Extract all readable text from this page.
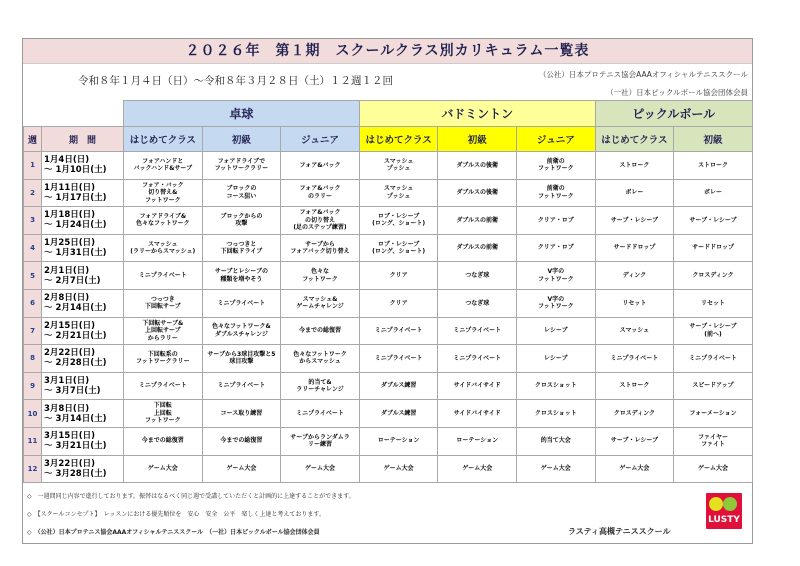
２０２６年　第１期　スクールクラス別カリキュラム一覧表
令和８年１月４日（日）～令和８年３月２８日（土）１２週１２回
（公社）日本プロテニス協会AAAオフィシャルテニススクール
（一社）日本ピックルボール協会団体会員
		卓球			バドミントン			ピックルボール	
週	期　間	はじめてクラス	初級	ジュニア	はじめてクラス	初級	ジュニア	はじめてクラス	初級
1	1月4日(日)
～ 1月10日(土)	フォアハンドと
バックハンド&サーブ	フォアドライブで
フットワークラリー	フォア&バック	スマッシュ
プッシュ	ダブルスの後衛	前衛の
フットワーク	ストローク	ストローク
2	1月11日(日)
～ 1月17日(土)	フォア・バック
切り替え&
フットワーク	ブロックの
コース狙い	フォア&バック
のラリー	スマッシュ
プッシュ	ダブルスの後衛	前衛の
フットワーク	ボレー	ボレー
3	1月18日(日)
～ 1月24日(土)	フォアドライブ&
色々なフットワーク	ブロックからの
攻撃	フォア&バック
の切り替え
(足のステップ練習)	ロブ・レシーブ
(ロング、ショート)	ダブルスの前衛	クリア・ロブ	サーブ・レシーブ	サーブ・レシーブ
4	1月25日(日)
～ 1月31日(土)	スマッシュ
(ラリーからスマッシュ)	つっつきと
下回転ドライブ	サーブから
フォアバック切り替え	ロブ・レシーブ
(ロング、ショート)	ダブルスの前衛	クリア・ロブ	サードドロップ	サードドロップ
5	2月1日(日)
～ 2月7日(土)	ミニプライベート	サーブとレシーブの
種類を増やそう	色々な
フットワーク	クリア	つなぎ球	V字の
フットワーク	ディンク	クロスディンク
6	2月8日(日)
～ 2月14日(土)	つっつき
下回転サーブ	ミニプライベート	スマッシュ&
ゲームチャレンジ	クリア	つなぎ球	V字の
フットワーク	リセット	リセット
7	2月15日(日)
～ 2月21日(土)	下回転サーブ&
上回転サーブ
からラリー	色々なフットワーク&
ダブルスチャレンジ	今までの総復習	ミニプライベート	ミニプライベート	レシーブ	スマッシュ	サーブ・レシーブ
(前へ)
8	2月22日(日)
～ 2月28日(土)	下回転系の
フットワークラリー	サーブから3球目攻撃と5
球目攻撃	色々なフットワーク
からスマッシュ	ミニプライベート	ミニプライベート	レシーブ	ミニプライベート	ミニプライベート
9	3月1日(日)
～ 3月7日(土)	ミニプライベート	ミニプライベート	的当て&
ラリーチャレンジ	ダブルス練習	サイドバイサイド	クロスショット	ストローク	スピードアップ
10	3月8日(日)
～ 3月14日(土)	下回転
上回転
フットワーク	コース取り練習	ミニプライベート	ダブルス練習	サイドバイサイド	クロスショット	クロスディンク	フォーメーション
11	3月15日(日)
～ 3月21日(土)	今までの総復習	今までの総復習	サーブからランダムラ
リー練習	ローテーション	ローテーション	的当て大会	サーブ・レシーブ	ファイヤー
ファイト
12	3月22日(日)
～ 3月28日(土)	ゲーム大会	ゲーム大会	ゲーム大会	ゲーム大会	ゲーム大会	ゲーム大会	ゲーム大会	ゲーム大会
◇　一週間同じ内容で進行しております。振替はなるべく同じ週で受講していただくと計画的に上達することができます。
◇　【スクールコンセプト】　レッスンにおける優先順位を　安心　安全　公平　楽しく上達と考えております。
◇　（公社）日本プロテニス協会AAAオフィシャルテニススクール　（一社）日本ピックルボール協会団体会員	ラスティ高槻テニススクール
LUSTY
